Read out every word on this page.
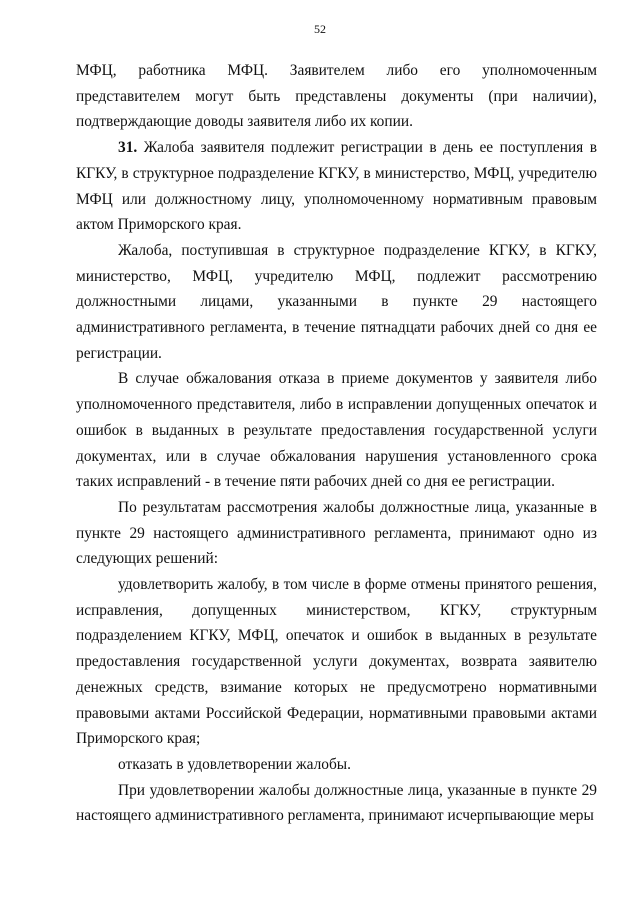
52

МФЦ, работника МФЦ. Заявителем либо его уполномоченным представителем могут быть представлены документы (при наличии), подтверждающие доводы заявителя либо их копии.

31. Жалоба заявителя подлежит регистрации в день ее поступления в КГКУ, в структурное подразделение КГКУ, в министерство, МФЦ, учредителю МФЦ или должностному лицу, уполномоченному нормативным правовым актом Приморского края.

Жалоба, поступившая в структурное подразделение КГКУ, в КГКУ, министерство, МФЦ, учредителю МФЦ, подлежит рассмотрению должностными лицами, указанными в пункте 29 настоящего административного регламента, в течение пятнадцати рабочих дней со дня ее регистрации.

В случае обжалования отказа в приеме документов у заявителя либо уполномоченного представителя, либо в исправлении допущенных опечаток и ошибок в выданных в результате предоставления государственной услуги документах, или в случае обжалования нарушения установленного срока таких исправлений - в течение пяти рабочих дней со дня ее регистрации.

По результатам рассмотрения жалобы должностные лица, указанные в пункте 29 настоящего административного регламента, принимают одно из следующих решений:

удовлетворить жалобу, в том числе в форме отмены принятого решения, исправления, допущенных министерством, КГКУ, структурным подразделением КГКУ, МФЦ, опечаток и ошибок в выданных в результате предоставления государственной услуги документах, возврата заявителю денежных средств, взимание которых не предусмотрено нормативными правовыми актами Российской Федерации, нормативными правовыми актами Приморского края;

отказать в удовлетворении жалобы.

При удовлетворении жалобы должностные лица, указанные в пункте 29 настоящего административного регламента, принимают исчерпывающие меры
